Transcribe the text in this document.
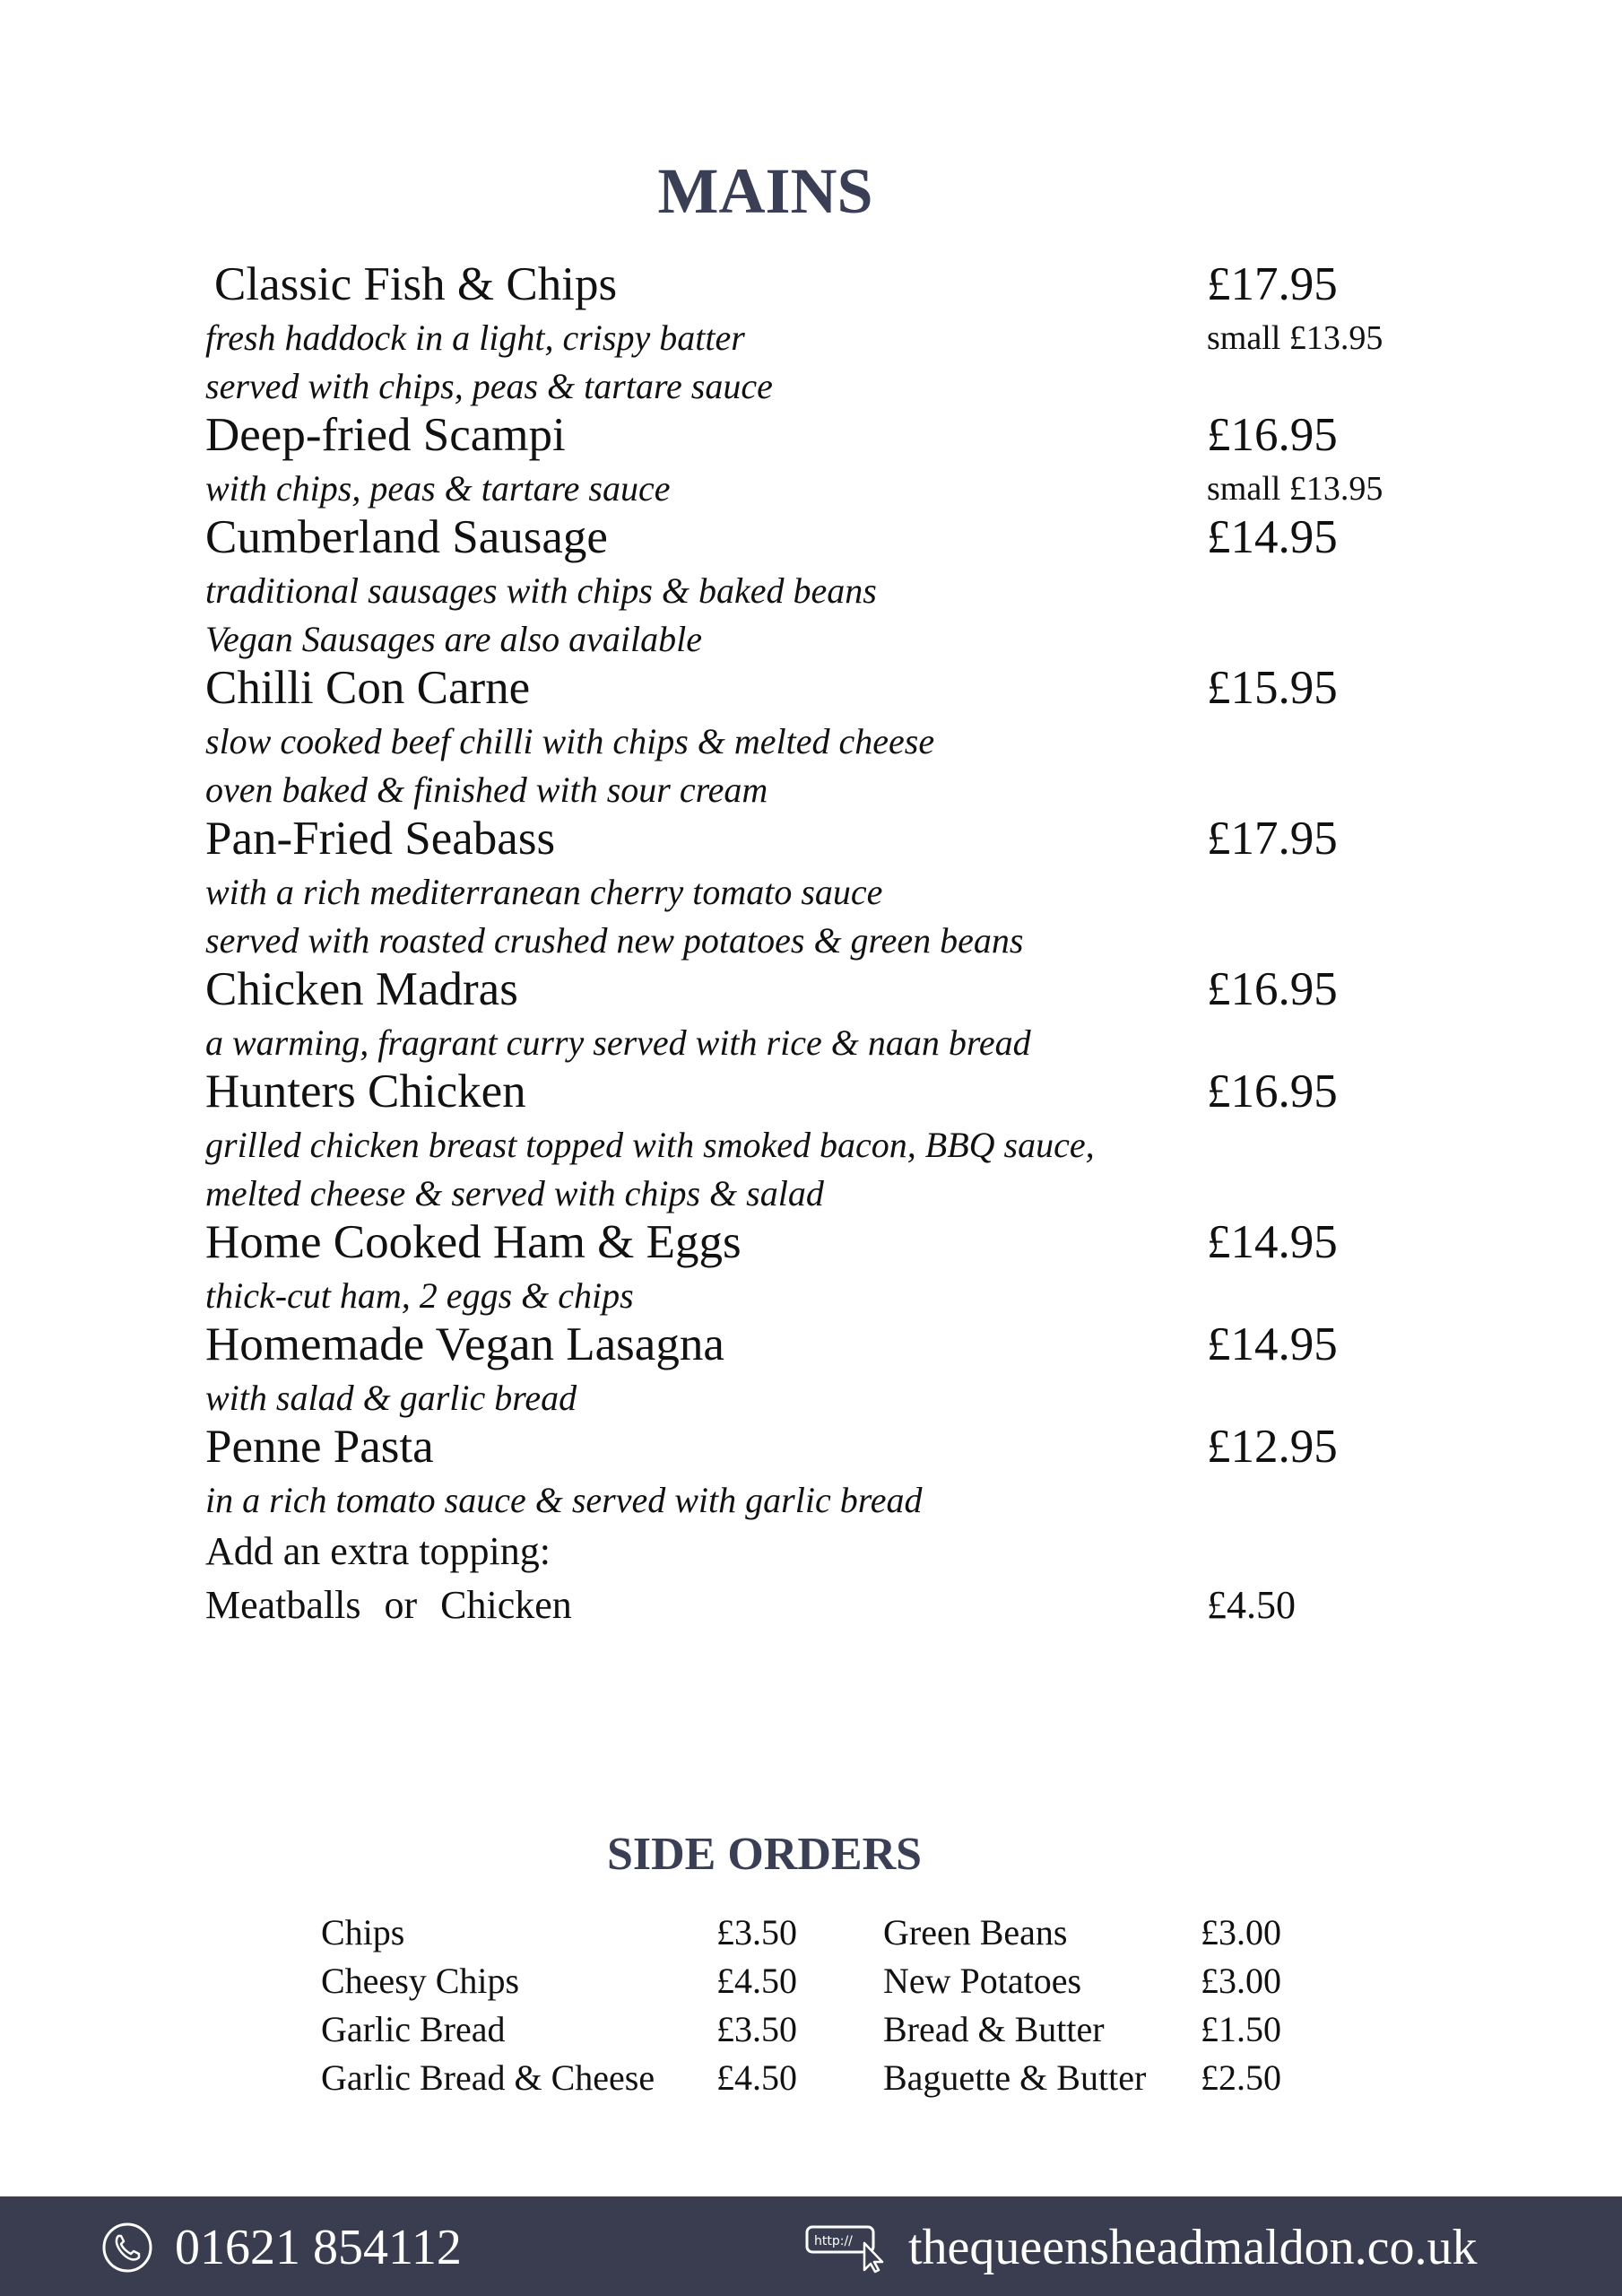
MAINS
Classic Fish & Chips	£17.95
fresh haddock in a light, crispy batter	small £13.95
served with chips, peas & tartare sauce
Deep-fried Scampi	£16.95
with chips, peas & tartare sauce	small £13.95
Cumberland Sausage	£14.95
traditional sausages with chips & baked beans
Vegan Sausages are also available
Chilli Con Carne	£15.95
slow cooked beef chilli with chips & melted cheese
oven baked & finished with sour cream
Pan-Fried Seabass	£17.95
with a rich mediterranean cherry tomato sauce
served with roasted crushed new potatoes & green beans
Chicken Madras	£16.95
a warming, fragrant curry served with rice & naan bread
Hunters Chicken	£16.95
grilled chicken breast topped with smoked bacon, BBQ sauce,
melted cheese & served with chips & salad
Home Cooked Ham & Eggs	£14.95
thick-cut ham, 2 eggs & chips
Homemade Vegan Lasagna	£14.95
with salad & garlic bread
Penne Pasta	£12.95
in a rich tomato sauce & served with garlic bread
Add an extra topping:
Meatballs or Chicken	£4.50
SIDE ORDERS
Chips	£3.50 Green Beans	£3.00
Cheesy Chips	£4.50 New Potatoes	£3.00
Garlic Bread	£3.50 Bread & Butter	£1.50
Garlic Bread & Cheese £4.50 Baguette & Butter £2.50
01621 854112	http:// thequeensheadmaldon.co.uk
